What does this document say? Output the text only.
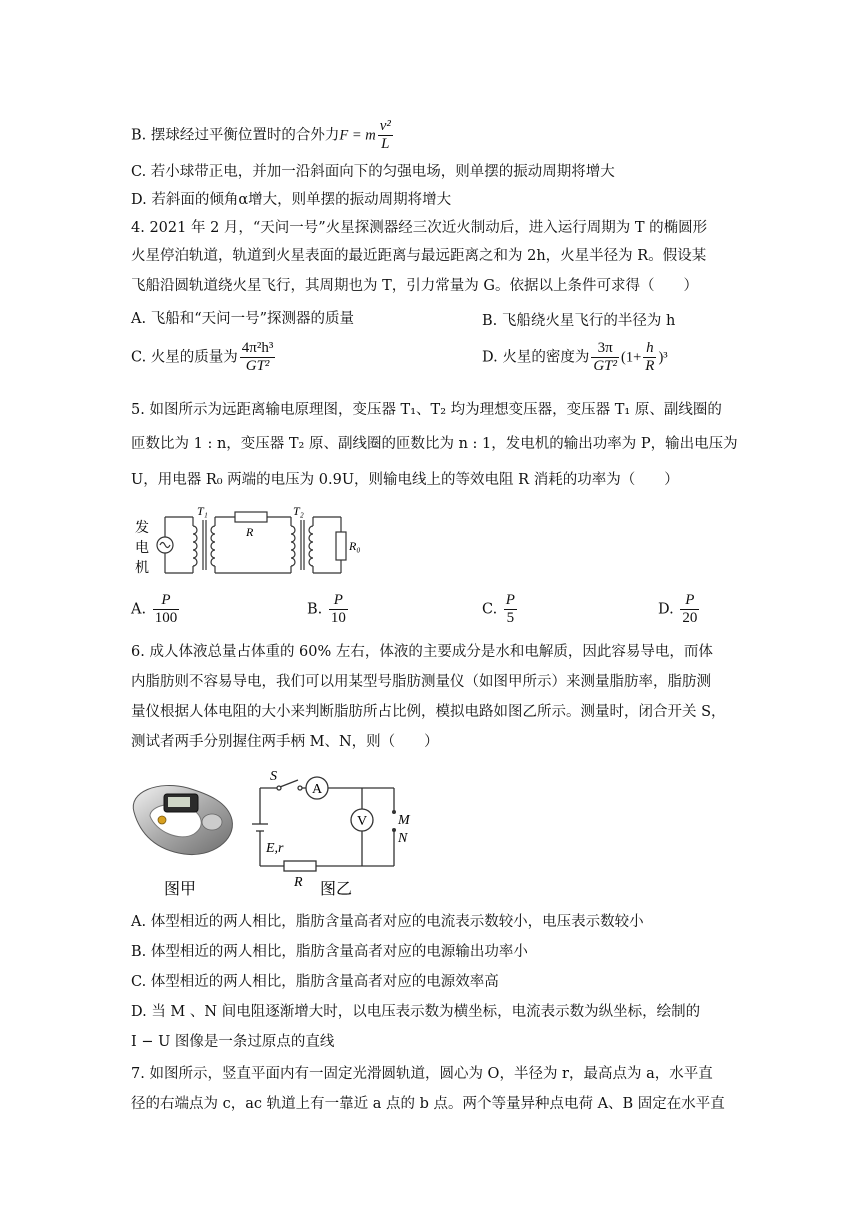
B. 摆球经过平衡位置时的合外力F = m $\frac{\text{v²}}{L}$
C. 若小球带正电，并加一沿斜面向下的匀强电场，则单摆的振动周期将增大
D. 若斜面的倾角α增大，则单摆的振动周期将增大
4. 2021 年 2 月，“天问一号”火星探测器经三次近火制动后，进入运行周期为 T 的椭圆形
火星停泊轨道，轨道到火星表面的最近距离与最远距离之和为 2h，火星半径为 R。假设某
飞船沿圆轨道绕火星飞行，其周期也为 T，引力常量为 G。依据以上条件可求得（　　）
A. 飞船和“天问一号”探测器的质量	B. 飞船绕火星飞行的半径为 h
C. 火星的质量为 $\frac{\text{4π²h³}}{\text{GT²}}$	D. 火星的密度为 $\frac{3\pi}{\text{GT²}} (1+ \frac{h}{R} )^3$
5. 如图所示为远距离输电原理图，变压器 T₁、T₂ 均为理想变压器，变压器 T₁ 原、副线圈的
匝数比为 1 : n，变压器 T₂ 原、副线圈的匝数比为 n : 1，发电机的输出功率为 P，输出电压为
U，用电器 R₀ 两端的电压为 0.9U，则输电线上的等效电阻 R 消耗的功率为（　　）
发
电
机
T₁
R
T₂
R₀
A. $\frac{P}{100}$	B. $\frac{P}{10}$	C. $\frac{P}{5}$	D. $\frac{P}{20}$
6. 成人体液总量占体重的 60% 左右，体液的主要成分是水和电解质，因此容易导电，而体
内脂肪则不容易导电，我们可以用某型号脂肪测量仪（如图甲所示）来测量脂肪率，脂肪测
量仪根据人体电阻的大小来判断脂肪所占比例，模拟电路如图乙所示。测量时，闭合开关 S，
测试者两手分别握住两手柄 M、N，则（　　）
图甲
S
A
V M
N
E,r
R 图乙
A. 体型相近的两人相比，脂肪含量高者对应的电流表示数较小，电压表示数较小
B. 体型相近的两人相比，脂肪含量高者对应的电源输出功率小
C. 体型相近的两人相比，脂肪含量高者对应的电源效率高
D. 当 M 、N 间电阻逐渐增大时，以电压表示数为横坐标，电流表示数为纵坐标，绘制的
I − U 图像是一条过原点的直线
7. 如图所示，竖直平面内有一固定光滑圆轨道，圆心为 O，半径为 r，最高点为 a，水平直
径的右端点为 c，ac 轨道上有一靠近 a 点的 b 点。两个等量异种点电荷 A、B 固定在水平直
